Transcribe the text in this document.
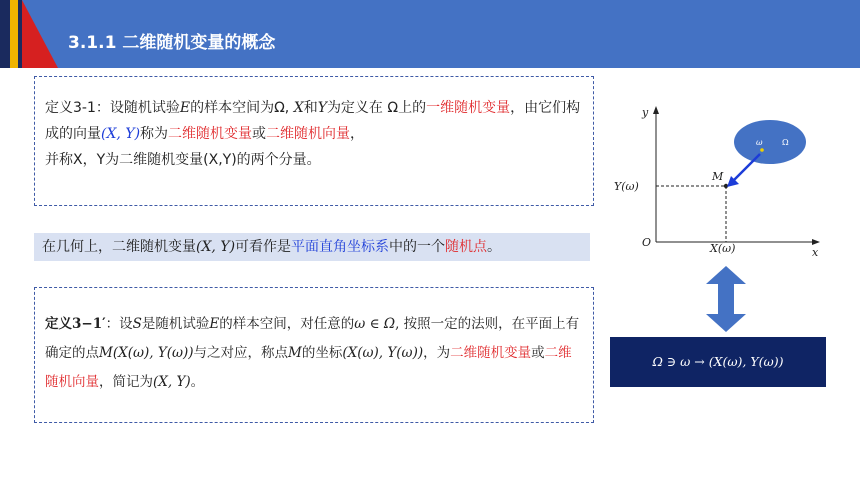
3.1.1 二维随机变量的概念
定义3-1：设随机试验E的样本空间为Ω, X和Y为定义在 Ω上的一维随机变量，由它们构成的向量(X, Y)称为二维随机变量或二维随机向量，
并称X，Y为二维随机变量(X,Y)的两个分量。
在几何上，二维随机变量(X, Y)可看作是平面直角坐标系中的一个随机点。
定义3−1′：设S是随机试验E的样本空间，对任意的ω ∈ Ω, 按照一定的法则，在平面上有确定的点M(X(ω), Y(ω))与之对应，称点M的坐标(X(ω), Y(ω))，为二维随机变量或二维随机向量，简记为(X, Y)。
y
x
O
Y(ω)
X(ω)
M
ω Ω
Ω ∋ ω → (X(ω), Y(ω))
